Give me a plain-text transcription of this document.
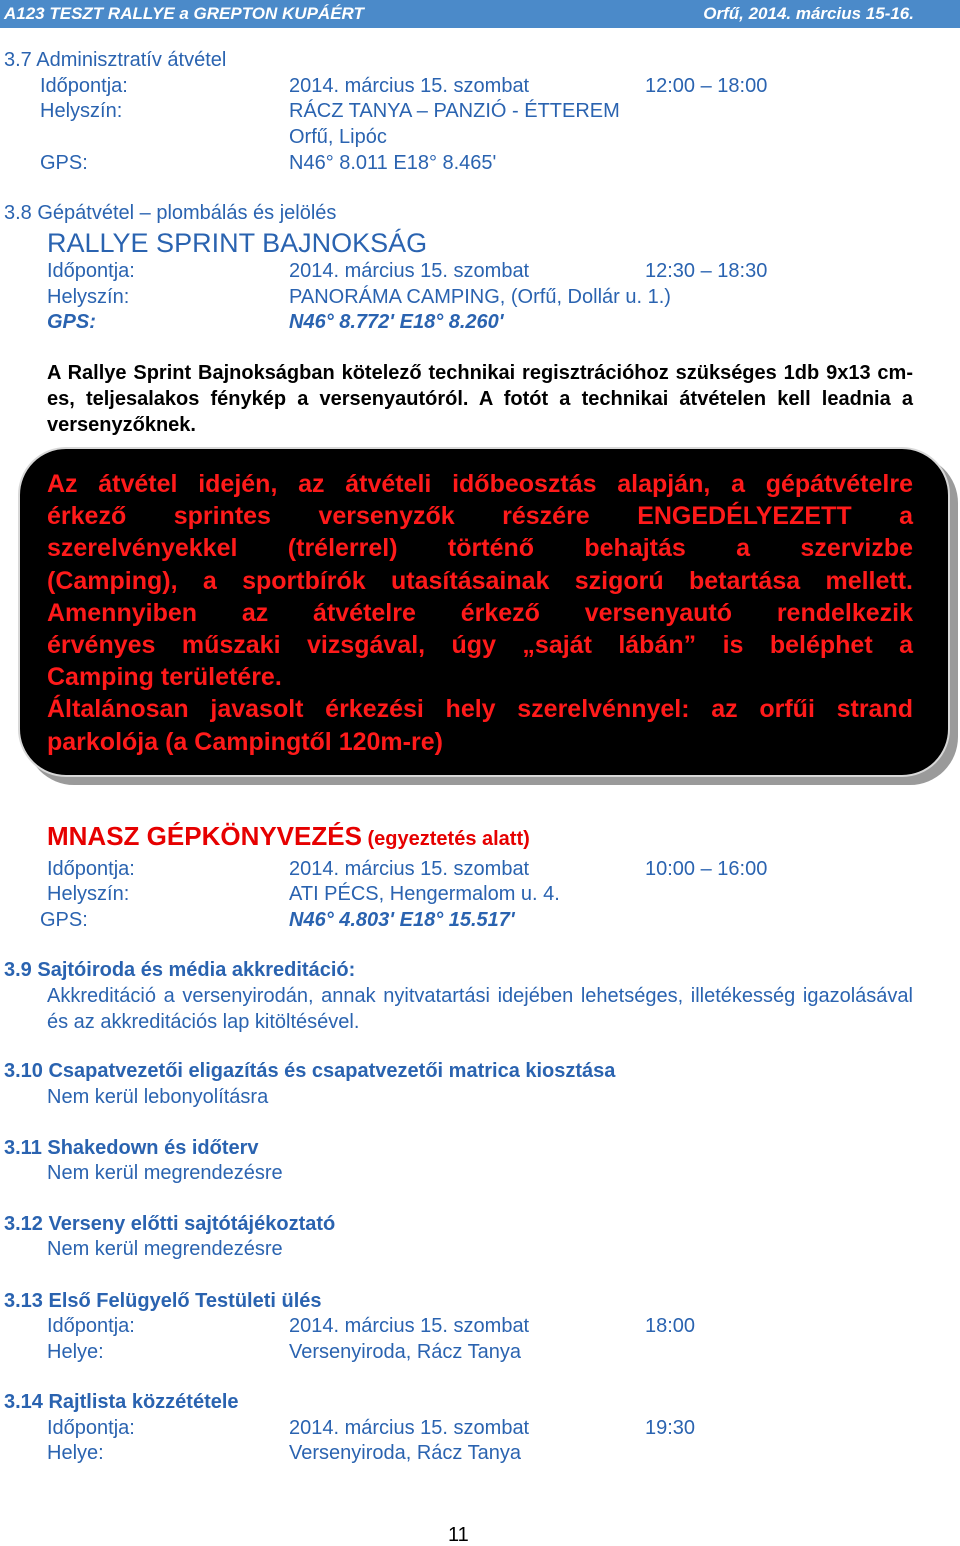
A123 TESZT RALLYE a GREPTON KUPÁÉRT	Orfű, 2014. március 15-16.
3.7 Adminisztratív átvétel
Időpontja:	2014. március 15. szombat	12:00 – 18:00
Helyszín:	RÁCZ TANYA – PANZIÓ - ÉTTEREM
Orfű, Lipóc
GPS:	N46° 8.011 E18° 8.465'
3.8 Gépátvétel – plombálás és jelölés
RALLYE SPRINT BAJNOKSÁG
Időpontja:	2014. március 15. szombat	12:30 – 18:30
Helyszín:	PANORÁMA CAMPING, (Orfű, Dollár u. 1.)
GPS:	N46° 8.772' E18° 8.260'
A Rallye Sprint Bajnokságban kötelező technikai regisztrációhoz szükséges 1db 9x13 cm-es, teljesalakos fénykép a versenyautóról. A fotót a technikai átvételen kell leadnia a versenyzőknek.

Az átvétel idején, az átvételi időbeosztás alapján, a gépátvételre

érkező sprintes versenyzők részére ENGEDÉLYEZETT a

szerelvényekkel (trélerrel) történő behajtás a szervizbe

(Camping), a sportbírók utasításainak szigorú betartása mellett.

Amennyiben az átvételre érkező versenyautó rendelkezik

érvényes műszaki vizsgával, úgy „saját lábán” is beléphet a

Camping területére.

Általánosan javasolt érkezési hely szerelvénnyel: az orfűi strand

parkolója (a Campingtől 120m-re)

MNASZ GÉPKÖNYVEZÉS (egyeztetés alatt)
Időpontja:	2014. március 15. szombat	10:00 – 16:00
Helyszín:	ATI PÉCS, Hengermalom u. 4.
GPS:	N46° 4.803' E18° 15.517'
3.9 Sajtóiroda és média akkreditáció:
Akkreditáció a versenyirodán, annak nyitvatartási idejében lehetséges, illetékesség igazolásával és az akkreditációs lap kitöltésével.
3.10 Csapatvezetői eligazítás és csapatvezetői matrica kiosztása
Nem kerül lebonyolításra
3.11 Shakedown és időterv
Nem kerül megrendezésre
3.12 Verseny előtti sajtótájékoztató
Nem kerül megrendezésre
3.13 Első Felügyelő Testületi ülés
Időpontja:	2014. március 15. szombat	18:00
Helye:	Versenyiroda, Rácz Tanya
3.14 Rajtlista közzététele
Időpontja:	2014. március 15. szombat	19:30
Helye:	Versenyiroda, Rácz Tanya
11
